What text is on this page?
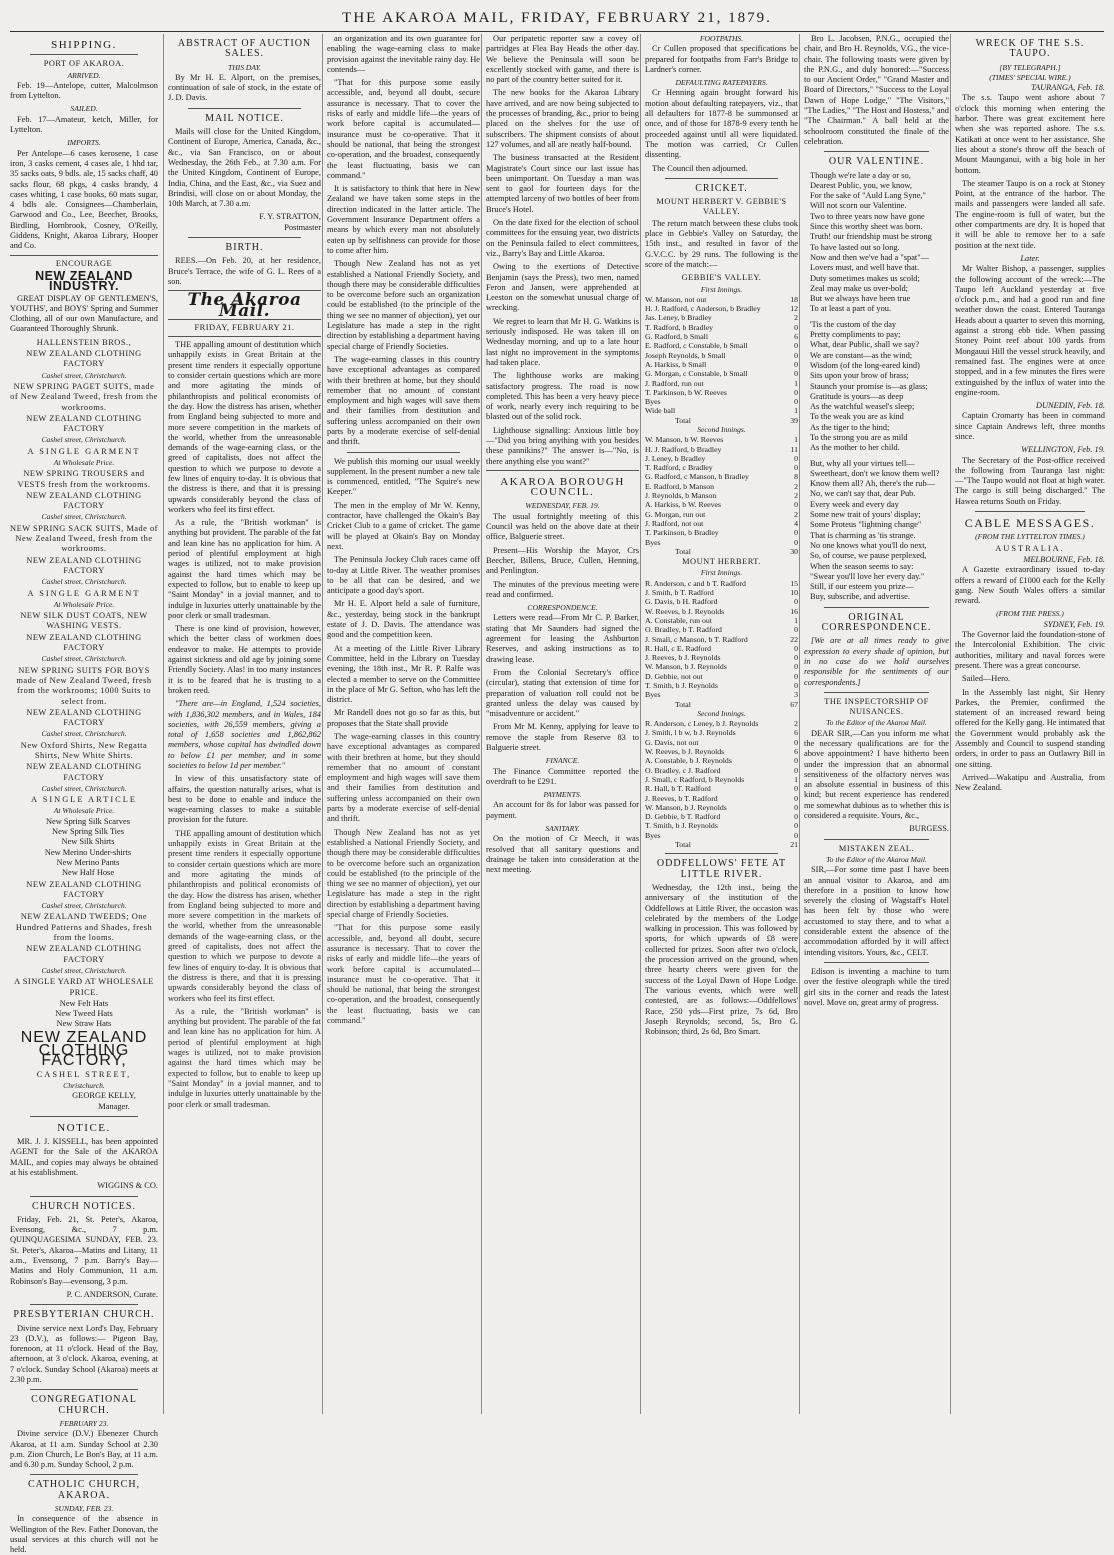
THE AKAROA MAIL, FRIDAY, FEBRUARY 21, 1879.
SHIPPING.
PORT OF AKAROA.
ARRIVED.

Feb. 19—Antelope, cutter, Malcolmson from Lyttelton.

SAILED.

Feb. 17—Amateur, ketch, Miller, for Lyttelton.

IMPORTS.

Per Antelope—6 cases kerosene, 1 case iron, 3 casks cement, 4 cases ale, 1 hhd tar, 35 sacks oats, 9 bdls. ale, 15 sacks chaff, 40 sacks flour, 68 pkgs, 4 casks brandy, 4 cases whiting, 1 case books, 60 mats sugar, 4 bdls ale. Consignees—Chamberlain, Garwood and Co., Lee, Beecher, Brooks, Birdling, Hornbrook, Cosney, O'Reilly, Giddens, Knight, Akaroa Library, Hooper and Co.

ENCOURAGE
NEW ZEALAND INDUSTRY.

GREAT DISPLAY OF GENTLEMEN'S, YOUTHS', and BOYS' Spring and Summer Clothing, all of our own Manufacture, and Guaranteed Thoroughly Shrunk.

HALLENSTEIN BROS.,
NEW ZEALAND CLOTHING FACTORY
Cashel street, Christchurch.
NEW SPRING PAGET SUITS, made of New Zealand Tweed, fresh from the workrooms.
NEW ZEALAND CLOTHING FACTORY
Cashel street, Christchurch.
A SINGLE GARMENT
At Wholesale Price.
NEW SPRING TROUSERS and VESTS fresh from the workrooms.
NEW ZEALAND CLOTHING FACTORY
Cashel street, Christchurch.
NEW SPRING SACK SUITS, Made of New Zealand Tweed, fresh from the workrooms.
NEW ZEALAND CLOTHING FACTORY
Cashel street, Christchurch.
A SINGLE GARMENT
At Wholesale Price.
NEW SILK DUST COATS, NEW WASHING VESTS.
NEW ZEALAND CLOTHING FACTORY
Cashel street, Christchurch.
NEW SPRING SUITS FOR BOYS made of New Zealand Tweed, fresh from the workrooms; 1000 Suits to select from.
NEW ZEALAND CLOTHING FACTORY
Cashel street, Christchurch.
New Oxford Shirts, New Regatta Shirts, New White Shirts.
NEW ZEALAND CLOTHING FACTORY
Cashel street, Christchurch.
A SINGLE ARTICLE
At Wholesale Price.
New Spring Silk Scarves
New Spring Silk Ties
New Silk Shirts
New Merino Under-shirts
New Merino Pants
New Half Hose
NEW ZEALAND CLOTHING FACTORY
Cashel street, Christchurch.
NEW ZEALAND TWEEDS; One Hundred Patterns and Shades, fresh from the looms.
NEW ZEALAND CLOTHING FACTORY
Cashel street, Christchurch.
A SINGLE YARD AT WHOLESALE PRICE.
New Felt Hats
New Tweed Hats
New Straw Hats
NEW ZEALAND
CLOTHING FACTORY,
CASHEL STREET,
Christchurch.
GEORGE KELLY,
Manager.
NOTICE.

MR. J. J. KISSELL, has been appointed AGENT for the Sale of the AKAROA MAIL, and copies may always be obtained at his establishment.

WIGGINS & CO.
CHURCH NOTICES.

Friday, Feb. 21, St. Peter's, Akaroa, Evensong, &c., 7 p.m. QUINQUAGESIMA SUNDAY, FEB. 23. St. Peter's, Akaroa—Matins and Litany, 11 a.m., Evensong, 7 p.m. Barry's Bay—Matins and Holy Communion, 11 a.m. Robinson's Bay—evensong, 3 p.m.

P. C. ANDERSON, Curate.
PRESBYTERIAN CHURCH.

Divine service next Lord's Day, February 23 (D.V.), as follows:— Pigeon Bay, forenoon, at 11 o'clock. Head of the Bay, afternoon, at 3 o'clock. Akaroa, evening, at 7 o'clock. Sunday School (Akaroa) meets at 2.30 p.m.

CONGREGATIONAL CHURCH.
FEBRUARY 23.

Divine service (D.V.) Ebenezer Church Akaroa, at 11 a.m. Sunday School at 2.30 p.m. Zion Church, Le Bon's Bay, at 11 a.m. and 6.30 p.m. Sunday School, 2 p.m.

CATHOLIC CHURCH, AKAROA.
SUNDAY, FEB. 23.

In consequence of the absence in Wellington of the Rev. Father Donovan, the usual services at this church will not be held.

ABSTRACT OF AUCTION SALES.
THIS DAY.

By Mr H. E. Alport, on the premises, continuation of sale of stock, in the estate of J. D. Davis.

MAIL NOTICE.

Mails will close for the United Kingdom, Continent of Europe, America, Canada, &c., &c., via San Francisco, on or about Wednesday, the 26th Feb., at 7.30 a.m. For the United Kingdom, Continent of Europe, India, China, and the East, &c., via Suez and Brindisi, will close on or about Monday, the 10th March, at 7.30 a.m.

F. Y. STRATTON,
Postmaster
BIRTH.

REES.—On Feb. 20, at her residence, Bruce's Terrace, the wife of G. L. Rees of a son.

The Akaroa Mail.
FRIDAY, FEBRUARY 21.

THE appalling amount of destitution which unhappily exists in Great Britain at the present time renders it especially opportune to consider certain questions which are more and more agitating the minds of philanthropists and political economists of the day. How the distress has arisen, whether from England being subjected to more and more severe competition in the markets of the world, whether from the unreasonable demands of the wage-earning class, or the greed of capitalists, does not affect the question to which we purpose to devote a few lines of enquiry to-day. It is obvious that the distress is there, and that it is pressing upwards considerably beyond the class of workers who feel its first effect.

As a rule, the "British workman" is anything but provident. The parable of the fat and lean kine has no application for him. A period of plentiful employment at high wages is utilized, not to make provision against the hard times which may be expected to follow, but to enable to keep up "Saint Monday" in a jovial manner, and to indulge in luxuries utterly unattainable by the poor clerk or small tradesman.

There is one kind of provision, however, which the better class of workmen does endeavor to make. He attempts to provide against sickness and old age by joining some Friendly Society. Alas! in too many instances it is to be feared that he is trusting to a broken reed.

"There are—in England, 1,524 societies, with 1,836,302 members, and in Wales, 184 societies, with 26,559 members, giving a total of 1,658 societies and 1,862,862 members, whose capital has dwindled down to below £1 per member, and in some societies to below 1d per member."

In view of this unsatisfactory state of affairs, the question naturally arises, what is best to be done to enable and induce the wage-earning classes to make a suitable provision for the future.

THE appalling amount of destitution which unhappily exists in Great Britain at the present time renders it especially opportune to consider certain questions which are more and more agitating the minds of philanthropists and political economists of the day. How the distress has arisen, whether from England being subjected to more and more severe competition in the markets of the world, whether from the unreasonable demands of the wage-earning class, or the greed of capitalists, does not affect the question to which we purpose to devote a few lines of enquiry to-day. It is obvious that the distress is there, and that it is pressing upwards considerably beyond the class of workers who feel its first effect.

As a rule, the "British workman" is anything but provident. The parable of the fat and lean kine has no application for him. A period of plentiful employment at high wages is utilized, not to make provision against the hard times which may be expected to follow, but to enable to keep up "Saint Monday" in a jovial manner, and to indulge in luxuries utterly unattainable by the poor clerk or small tradesman.

an organization and its own guarantee for enabling the wage-earning class to make provision against the inevitable rainy day. He contends—

"That for this purpose some easily accessible, and, beyond all doubt, secure assurance is necessary. That to cover the risks of early and middle life—the years of work before capital is accumulated—insurance must be co-operative. That it should be national, that being the strongest co-operation, and the broadest, consequently the least fluctuating, basis we can command."

It is satisfactory to think that here in New Zealand we have taken some steps in the direction indicated in the latter article. The Government Insurance Department offers a means by which every man not absolutely eaten up by selfishness can provide for those to come after him.

Though New Zealand has not as yet established a National Friendly Society, and though there may be considerable difficulties to be overcome before such an organization could be established (to the principle of the thing we see no manner of objection), yet our Legislature has made a step in the right direction by establishing a department having special charge of Friendly Societies.

The wage-earning classes in this country have exceptional advantages as compared with their brethren at home, but they should remember that no amount of constant employment and high wages will save them and their families from destitution and suffering unless accompanied on their own parts by a moderate exercise of self-denial and thrift.

We publish this morning our usual weekly supplement. In the present number a new tale is commenced, entitled, "The Squire's new Keeper."

The men in the employ of Mr W. Kenny, contractor, have challenged the Okain's Bay Cricket Club to a game of cricket. The game will be played at Okain's Bay on Monday next.

The Peninsula Jockey Club races came off to-day at Little River. The weather promises to be all that can be desired, and we anticipate a good day's sport.

Mr H. E. Alport held a sale of furniture, &c., yesterday, being stock in the bankrupt estate of J. D. Davis. The attendance was good and the competition keen.

At a meeting of the Little River Library Committee, held in the Library on Tuesday evening, the 18th inst., Mr R. P. Ralfe was elected a member to serve on the Committee in the place of Mr G. Sefton, who has left the district.

Mr Randell does not go so far as this, but proposes that the State shall provide

The wage-earning classes in this country have exceptional advantages as compared with their brethren at home, but they should remember that no amount of constant employment and high wages will save them and their families from destitution and suffering unless accompanied on their own parts by a moderate exercise of self-denial and thrift.

Though New Zealand has not as yet established a National Friendly Society, and though there may be considerable difficulties to be overcome before such an organization could be established (to the principle of the thing we see no manner of objection), yet our Legislature has made a step in the right direction by establishing a department having special charge of Friendly Societies.

"That for this purpose some easily accessible, and, beyond all doubt, secure assurance is necessary. That to cover the risks of early and middle life—the years of work before capital is accumulated—insurance must be co-operative. That it should be national, that being the strongest co-operation, and the broadest, consequently the least fluctuating, basis we can command."

Our peripatetic reporter saw a covey of partridges at Flea Bay Heads the other day. We believe the Peninsula will soon be excellently stocked with game, and there is no part of the country better suited for it.

The new books for the Akaroa Library have arrived, and are now being subjected to the processes of branding, &c., prior to being placed on the shelves for the use of subscribers. The shipment consists of about 127 volumes, and all are neatly half-bound.

The business transacted at the Resident Magistrate's Court since our last issue has been unimportant. On Tuesday a man was sent to gaol for fourteen days for the attempted larceny of two bottles of beer from Bruce's Hotel.

On the date fixed for the election of school committees for the ensuing year, two districts on the Peninsula failed to elect committees, viz., Barry's Bay and Little Akaroa.

Owing to the exertions of Detective Benjamin (says the Press), two men, named Feron and Jansen, were apprehended at Leeston on the somewhat unusual charge of wrecking.

We regret to learn that Mr H. G. Watkins is seriously indisposed. He was taken ill on Wednesday morning, and up to a late hour last night no improvement in the symptoms had taken place.

The lighthouse works are making satisfactory progress. The road is now completed. This has been a very heavy piece of work, nearly every inch requiring to be blasted out of the solid rock.

Lighthouse signalling: Anxious little boy—"Did you bring anything with you besides these pannikins?" The answer is—"No, is there anything else you want?"

AKAROA BOROUGH COUNCIL.
WEDNESDAY, FEB. 19.

The usual fortnightly meeting of this Council was held on the above date at their office, Balguerie street.

Present—His Worship the Mayor, Crs Beecher, Billens, Bruce, Cullen, Henning, and Penlington.

The minutes of the previous meeting were read and confirmed.

CORRESPONDENCE.

Letters were read—From Mr C. P. Barker, stating that Mr Saunders had signed the agreement for leasing the Ashburton Reserves, and asking instructions as to drawing lease.

From the Colonial Secretary's office (circular), stating that extension of time for preparation of valuation roll could not be granted unless the delay was caused by "misadventure or accident."

From Mr M. Kenny, applying for leave to remove the staple from Reserve 83 to Balguerie street.

FINANCE.

The Finance Committee reported the overdraft to be £291.

PAYMENTS.

An account for 8s for labor was passed for payment.

SANITARY.

On the motion of Cr Meech, it was resolved that all sanitary questions and drainage be taken into consideration at the next meeting.

FOOTPATHS.

Cr Cullen proposed that specifications be prepared for footpaths from Farr's Bridge to Lardner's corner.

DEFAULTING RATEPAYERS.

Cr Henning again brought forward his motion about defaulting ratepayers, viz., that all defaulters for 1877-8 be summonsed at once, and of those for 1878-9 every tenth be proceeded against until all were liquidated. The motion was carried, Cr Cullen dissenting.

The Council then adjourned.

CRICKET.
MOUNT HERBERT V. GEBBIE'S VALLEY.

The return match between these clubs took place in Gebbie's Valley on Saturday, the 15th inst., and resulted in favor of the G.V.C.C. by 29 runs. The following is the score of the match:—

GEBBIE'S VALLEY.
First Innings.
W. Manson, not out	18
H. J. Radford, c Anderson, b Bradley	12
Jas. Leney, b Bradley	2
T. Radford, b Bradley	0
G. Radford, b Small	6
E. Radford, c Constable, b Small	0
Joseph Reynolds, b Small	0
A. Harkiss, b Small	0
G. Morgan, c Constable, b Small	0
J. Radford, run out	1
T. Parkinson, b W. Reeves	0
Byes	0
Wide ball	1
Total	39
Second Innings.
W. Manson, b W. Reeves	1
H. J. Radford, b Bradley	11
J. Leney, b Bradley	0
T. Radford, c Bradley	0
G. Radford, c Manson, b Bradley	8
E. Radford, b Manson	2
J. Reynolds, b Manson	2
A. Harkiss, b W. Reeves	0
G. Morgan, run out	2
J. Radford, not out	4
T. Parkinson, b Bradley	0
Byes	0
Total	30
MOUNT HERBERT.
First Innings.
R. Anderson, c and b T. Radford	15
J. Smith, b T. Radford	10
G. Davis, b H. Radford	0
W. Reeves, b J. Reynolds	16
A. Constable, run out	1
O. Bradley, b T. Radford	0
J. Small, c Manson, b T. Radford	22
R. Hall, c E. Radford	0
J. Reeves, b J. Reynolds	0
W. Manson, b J. Reynolds	0
D. Gebbie, not out	0
T. Smith, b J. Reynolds	0
Byes	3
Total	67
Second Innings.
R. Anderson, c Leney, b J. Reynolds	2
J. Smith, l b w, b J. Reynolds	6
G. Davis, not out	0
W. Reeves, b J. Reynolds	6
A. Constable, b J. Reynolds	0
O. Bradley, c J. Radford	0
J. Small, c Radford, b Reynolds	1
R. Hall, b T. Radford	0
J. Reeves, b T. Radford	0
W. Manson, b J. Reynolds	0
D. Gebbie, b T. Radford	0
T. Smith, b J. Reynolds	0
Byes	0
Total	21
ODDFELLOWS' FETE AT LITTLE RIVER.

Wednesday, the 12th inst., being the anniversary of the institution of the Oddfellows at Little River, the occasion was celebrated by the members of the Lodge walking in procession. This was followed by sports, for which upwards of £8 were collected for prizes. Soon after two o'clock, the procession arrived on the ground, when three hearty cheers were given for the success of the Loyal Dawn of Hope Lodge. The various events, which were well contested, are as follows:—Oddfellows' Race, 250 yds—First prize, 7s 6d, Bro Joseph Reynolds; second, 5s, Bro G. Robinson; third, 2s 6d, Bro Smart.

Bro L. Jacobsen, P.N.G., occupied the chair, and Bro H. Reynolds, V.G., the vice-chair. The following toasts were given by the P.N.G., and duly honored:—"Success to our Ancient Order," "Grand Master and Board of Directors," "Success to the Loyal Dawn of Hope Lodge," "The Visitors," "The Ladies," "The Host and Hostess," and "The Chairman." A ball held at the schoolroom constituted the finale of the celebration.

OUR VALENTINE.
Though we're late a day or so,
Dearest Public, you, we know,
For the sake of "Auld Lang Syne,"
Will not scorn our Valentine.
Two to three years now have gone
Since this worthy sheet was born.
Truth! our friendship must be strong
To have lasted out so long.
Now and then we've had a "spat"—
Lovers must, and well have that.
Duty sometimes makes us scold;
Zeal may make us over-bold;
But we always have been true
To at least a part of you.
'Tis the custom of the day
Pretty compliments to pay;
What, dear Public, shall we say?
We are constant—as the wind;
Wisdom (of the long-eared kind)
Sits upon your brow of brass;
Staunch your promise is—as glass;
Gratitude is yours—as deep
As the watchful weasel's sleep;
To the weak you are as kind
As the tiger to the hind;
To the strong you are as mild
As the mother to her child.
But, why all your virtues tell—
Sweetheart, don't we know them well?
Know them all? Ah, there's the rub—
No, we can't say that, dear Pub.
Every week and every day
Some new trait of yours' display;
Some Proteus "lightning change"
That is charming as 'tis strange.
No one knows what you'll do next,
So, of course, we pause perplexed,
When the season seems to say:
"Swear you'll love her every day."
Still, if our esteem you prize—
Buy, subscribe, and advertise.
ORIGINAL CORRESPONDENCE.

[We are at all times ready to give expression to every shade of opinion, but in no case do we hold ourselves responsible for the sentiments of our correspondents.]

THE INSPECTORSHIP OF NUISANCES.
To the Editor of the Akaroa Mail.

DEAR SIR,—Can you inform me what the necessary qualifications are for the above appointment? I have hitherto been under the impression that an abnormal sensitiveness of the olfactory nerves was an absolute essential in business of this kind; but recent experience has rendered me somewhat dubious as to whether this is considered a requisite. Yours, &c.,

BURGESS.
MISTAKEN ZEAL.
To the Editor of the Akaroa Mail.

SIR,—For some time past I have been an annual visitor to Akaroa, and am therefore in a position to know how severely the closing of Wagstaff's Hotel has been felt by those who were accustomed to stay there, and to what a considerable extent the absence of the accommodation afforded by it will affect intending visitors. Yours, &c., CELT.

Edison is inventing a machine to turn over the festive oleograph while the tired girl sits in the corner and reads the latest novel. Move on, great army of progress.

WRECK OF THE S.S. TAUPO.
[BY TELEGRAPH.]
(TIMES' SPECIAL WIRE.)
TAURANGA, Feb. 18.

The s.s. Taupo went ashore about 7 o'clock this morning when entering the harbor. There was great excitement here when she was reported ashore. The s.s. Katikati at once went to her assistance. She lies about a stone's throw off the beach of Mount Maunganui, with a big hole in her bottom.

The steamer Taupo is on a rock at Stoney Point, at the entrance of the harbor. The mails and passengers were landed all safe. The engine-room is full of water, but the other compartments are dry. It is hoped that it will be able to remove her to a safe position at the next tide.

Later.

Mr Walter Bishop, a passenger, supplies the following account of the wreck:—The Taupo left Auckland yesterday at five o'clock p.m., and had a good run and fine weather down the coast. Entered Tauranga Heads about a quarter to seven this morning, against a strong ebb tide. When passing Stoney Point reef about 100 yards from Mongauui Hill the vessel struck heavily, and remained fast. The engines were at once stopped, and in a few minutes the fires were extinguished by the influx of water into the engine-room.

DUNEDIN, Feb. 18.

Captain Cromarty has been in command since Captain Andrews left, three months since.

WELLINGTON, Feb. 19.

The Secretary of the Post-office received the following from Tauranga last night:—"The Taupo would not float at high water. The cargo is still being discharged." The Hawea returns South on Friday.

CABLE MESSAGES.
(FROM THE LYTTELTON TIMES.)
AUSTRALIA.
MELBOURNE, Feb. 18.

A Gazette extraordinary issued to-day offers a reward of £1000 each for the Kelly gang. New South Wales offers a similar reward.

(FROM THE PRESS.)
SYDNEY, Feb. 19.

The Governor laid the foundation-stone of the Intercolonial Exhibition. The civic authorities, military and naval forces were present. There was a great concourse.

Sailed—Hero.

In the Assembly last night, Sir Henry Parkes, the Premier, confirmed the statement of an increased reward being offered for the Kelly gang. He intimated that the Government would probably ask the Assembly and Council to suspend standing orders, in order to pass an Outlawry Bill in one sitting.

Arrived—Wakatipu and Australia, from New Zealand.
